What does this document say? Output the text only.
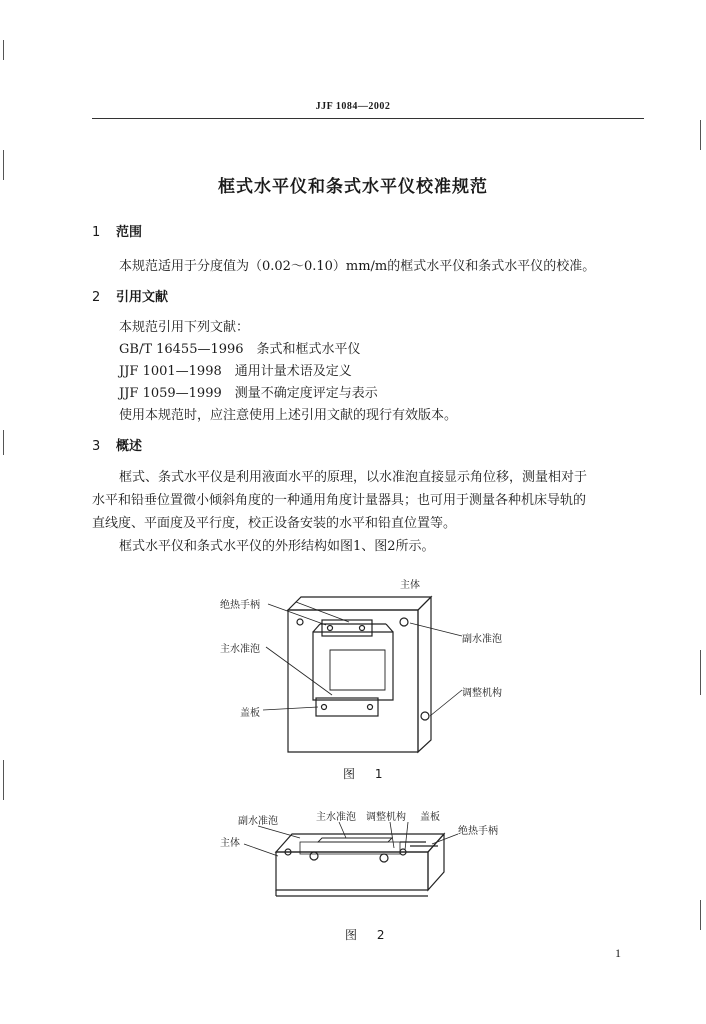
JJF 1084—2002
框式水平仪和条式水平仪校准规范
1 范围
本规范适用于分度值为（0.02～0.10）mm/m的框式水平仪和条式水平仪的校准。
2 引用文献
本规范引用下列文献：
GB/T 16455—1996　条式和框式水平仪
JJF 1001—1998　通用计量术语及定义
JJF 1059—1999　测量不确定度评定与表示
使用本规范时，应注意使用上述引用文献的现行有效版本。
3 概述
框式、条式水平仪是利用液面水平的原理，以水准泡直接显示角位移，测量相对于
水平和铅垂位置微小倾斜角度的一种通用角度计量器具；也可用于测量各种机床导轨的
直线度、平面度及平行度，校正设备安装的水平和铅直位置等。
框式水平仪和条式水平仪的外形结构如图1、图2所示。
主体
绝热手柄
主水准泡
副水准泡
调整机构
盖板
图 1
副水准泡	主水准泡 调整机构 盖板
绝热手柄
主体
图 2
1
